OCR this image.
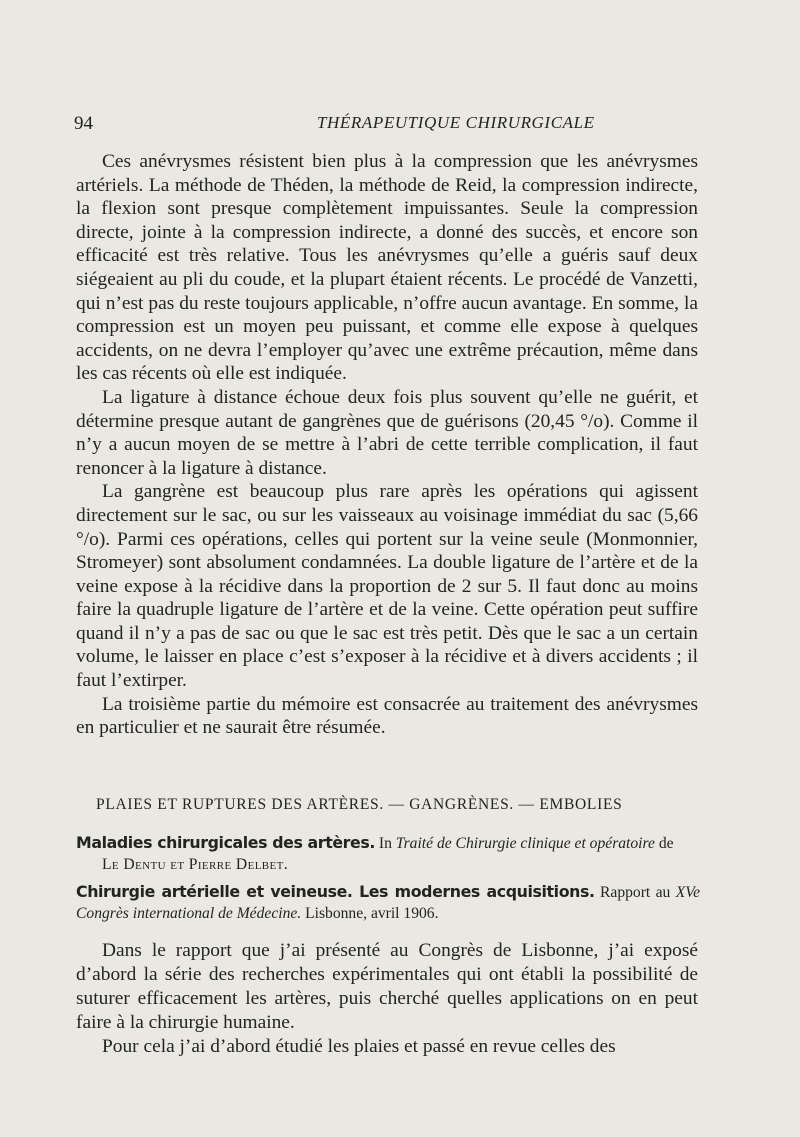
94	THÉRAPEUTIQUE CHIRURGICALE

Ces anévrysmes résistent bien plus à la compression que les anévrysmes artériels. La méthode de Théden, la méthode de Reid, la compression indirecte, la flexion sont presque complètement impuissantes. Seule la compression directe, jointe à la compression indirecte, a donné des succès, et encore son efficacité est très relative. Tous les anévrysmes qu’elle a guéris sauf deux siégeaient au pli du coude, et la plupart étaient récents. Le procédé de Vanzetti, qui n’est pas du reste toujours applicable, n’offre aucun avantage. En somme, la compression est un moyen peu puissant, et comme elle expose à quelques accidents, on ne devra l’employer qu’avec une extrême précaution, même dans les cas récents où elle est indiquée.

La ligature à distance échoue deux fois plus souvent qu’elle ne guérit, et détermine presque autant de gangrènes que de guérisons (20,45 °/o). Comme il n’y a aucun moyen de se mettre à l’abri de cette terrible complication, il faut renoncer à la ligature à distance.

La gangrène est beaucoup plus rare après les opérations qui agissent directement sur le sac, ou sur les vaisseaux au voisinage immédiat du sac (5,66 °/o). Parmi ces opérations, celles qui portent sur la veine seule (Monmonnier, Stromeyer) sont absolument condamnées. La double ligature de l’artère et de la veine expose à la récidive dans la proportion de 2 sur 5. Il faut donc au moins faire la quadruple ligature de l’artère et de la veine. Cette opération peut suffire quand il n’y a pas de sac ou que le sac est très petit. Dès que le sac a un certain volume, le laisser en place c’est s’exposer à la récidive et à divers accidents ; il faut l’extirper.

La troisième partie du mémoire est consacrée au traitement des anévrysmes en particulier et ne saurait être résumée.

PLAIES ET RUPTURES DES ARTÈRES. — GANGRÈNES. — EMBOLIES
Maladies chirurgicales des artères. In Traité de Chirurgie clinique et opératoire de
Le Dentu et Pierre Delbet.
Chirurgie artérielle et veineuse. Les modernes acquisitions. Rapport au XVe Congrès international de Médecine. Lisbonne, avril 1906.

Dans le rapport que j’ai présenté au Congrès de Lisbonne, j’ai exposé d’abord la série des recherches expérimentales qui ont établi la possibilité de suturer efficacement les artères, puis cherché quelles applications on en peut faire à la chirurgie humaine.

Pour cela j’ai d’abord étudié les plaies et passé en revue celles des
